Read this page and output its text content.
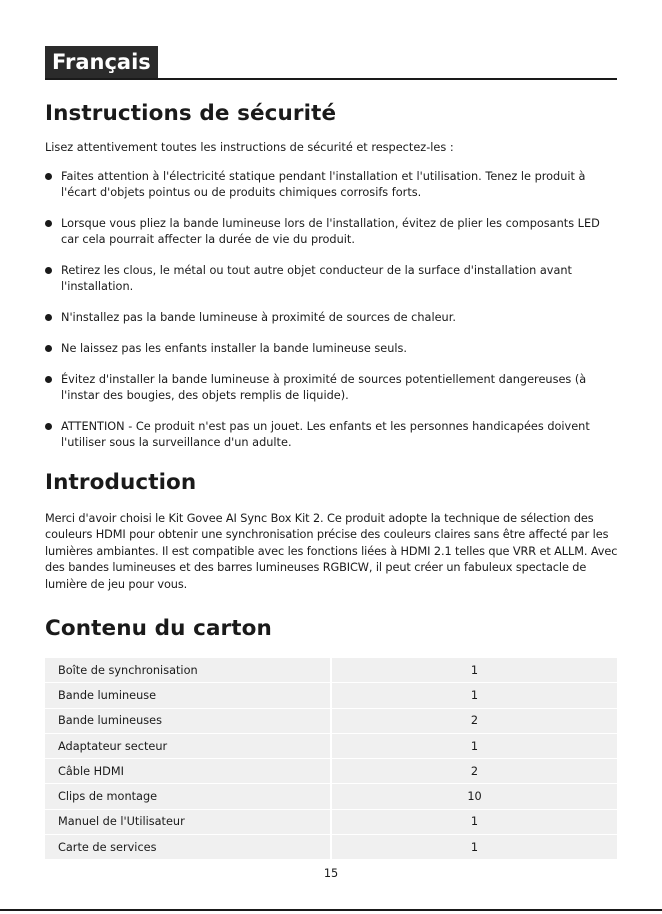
Français
Instructions de sécurité
Lisez attentivement toutes les instructions de sécurité et respectez-les :
Faites attention à l'électricité statique pendant l'installation et l'utilisation. Tenez le produit à l'écart d'objets pointus ou de produits chimiques corrosifs forts.
Lorsque vous pliez la bande lumineuse lors de l'installation, évitez de plier les composants LED car cela pourrait affecter la durée de vie du produit.
Retirez les clous, le métal ou tout autre objet conducteur de la surface d'installation avant l'installation.
N'installez pas la bande lumineuse à proximité de sources de chaleur.
Ne laissez pas les enfants installer la bande lumineuse seuls.
Évitez d'installer la bande lumineuse à proximité de sources potentiellement dangereuses (à l'instar des bougies, des objets remplis de liquide).
ATTENTION - Ce produit n'est pas un jouet. Les enfants et les personnes handicapées doivent l'utiliser sous la surveillance d'un adulte.
Introduction
Merci d'avoir choisi le Kit Govee AI Sync Box Kit 2. Ce produit adopte la technique de sélection des couleurs HDMI pour obtenir une synchronisation précise des couleurs claires sans être affecté par les lumières ambiantes. Il est compatible avec les fonctions liées à HDMI 2.1 telles que VRR et ALLM. Avec des bandes lumineuses et des barres lumineuses RGBICW, il peut créer un fabuleux spectacle de lumière de jeu pour vous.
Contenu du carton
Boîte de synchronisation	1
Bande lumineuse	1
Bande lumineuses	2
Adaptateur secteur	1
Câble HDMI	2
Clips de montage	10
Manuel de l'Utilisateur	1
Carte de services	1
15
